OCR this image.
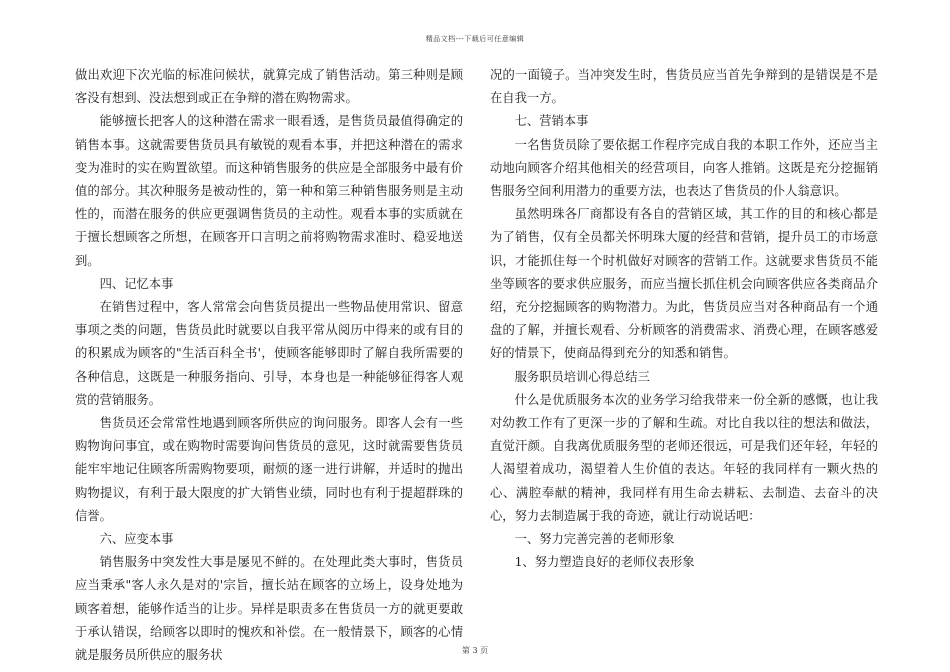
精品文档---下载后可任意编辑

做出欢迎下次光临的标准问候状，就算完成了销售活动。第三种则是顾客没有想到、没法想到或正在争辩的潜在购物需求。

能够擅长把客人的这种潜在需求一眼看透，是售货员最值得确定的销售本事。这就需要售货员具有敏锐的观看本事，并把这种潜在的需求变为准时的实在购置欲望。而这种销售服务的供应是全部服务中最有价值的部分。其次种服务是被动性的，第一种和第三种销售服务则是主动性的，而潜在服务的供应更强调售货员的主动性。观看本事的实质就在于擅长想顾客之所想，在顾客开口言明之前将购物需求准时、稳妥地送到。

四、记忆本事

在销售过程中，客人常常会向售货员提出一些物品使用常识、留意事项之类的问题，售货员此时就要以自我平常从阅历中得来的或有目的的积累成为顾客的"生活百科全书'，使顾客能够即时了解自我所需要的各种信息，这既是一种服务指向、引导，本身也是一种能够征得客人观赏的营销服务。

售货员还会常常性地遇到顾客所供应的询问服务。即客人会有一些购物询问事宜，或在购物时需要询问售货员的意见，这时就需要售货员能牢牢地记住顾客所需购物要项，耐烦的逐一进行讲解，并适时的抛出购物提议，有利于最大限度的扩大销售业绩，同时也有利于提超群珠的信誉。

六、应变本事

销售服务中突发性大事是屡见不鲜的。在处理此类大事时，售货员应当秉承"客人永久是对的'宗旨，擅长站在顾客的立场上，设身处地为顾客着想，能够作适当的让步。异样是职责多在售货员一方的就更要敢于承认错误，给顾客以即时的愧疚和补偿。在一般情景下，顾客的心情就是服务员所供应的服务状

况的一面镜子。当冲突发生时，售货员应当首先争辩到的是错误是不是在自我一方。

七、营销本事

一名售货员除了要依据工作程序完成自我的本职工作外，还应当主动地向顾客介绍其他相关的经营项目，向客人推销。这既是充分挖掘销售服务空间利用潜力的重要方法，也表达了售货员的仆人翁意识。

虽然明珠各厂商都设有各自的营销区域，其工作的目的和核心都是为了销售，仅有全员都关怀明珠大厦的经营和营销，提升员工的市场意识，才能抓住每一个时机做好对顾客的营销工作。这就要求售货员不能坐等顾客的要求供应服务，而应当擅长抓住机会向顾客供应各类商品介绍，充分挖掘顾客的购物潜力。为此，售货员应当对各种商品有一个通盘的了解，并擅长观看、分析顾客的消费需求、消费心理，在顾客感爱好的情景下，使商品得到充分的知悉和销售。

服务职员培训心得总结三

什么是优质服务本次的业务学习给我带来一份全新的感慨，也让我对幼教工作有了更深一步的了解和生疏。对比自我以往的想法和做法，直觉汗颜。自我离优质服务型的老师还很远，可是我们还年轻，年轻的人渴望着成功，渴望着人生价值的表达。年轻的我同样有一颗火热的心、满腔奉献的精神，我同样有用生命去耕耘、去制造、去奋斗的决心，努力去制造属于我的奇迹，就让行动说话吧：

一、努力完善完善的老师形象

1、努力塑造良好的老师仪表形象

第 3 页
